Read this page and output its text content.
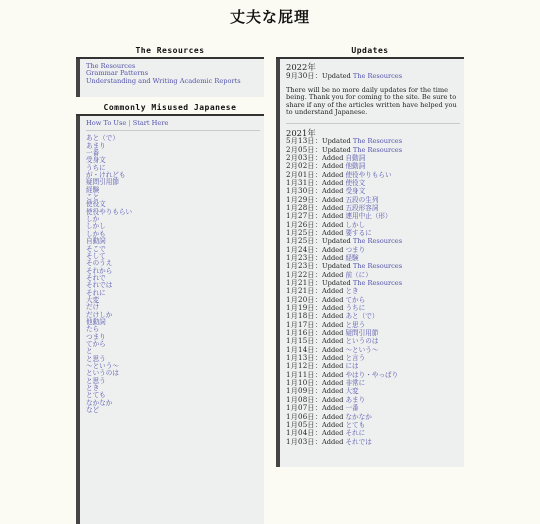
丈夫な屁理
The Resources
The Resources
Grammar Patterns
Understanding and Writing Academic Reports
Commonly Misused Japanese
How To Use | Start Here
あと（で）
あまり
一番
受身文
うちに
が・けれども
疑問引用節
経験
こと
使役文
使役やりもらい
しか
しかし
しかも
自動詞
そこで
そして
そのうえ
それから
それで
それでは
それに
大変
だけ
だけしか
他動詞
たら
つまり
てから
と
と思う
〜という〜
というのは
と思う
とき
とても
なかなか
など
Updates
2022年
9月30日：Updated The Resources
There will be no more daily updates for the time being. Thank you for coming to the site. Be sure to share if any of the articles written have helped you to understand Japanese.
2021年
5月13日：Updated The Resources
2月05日：Updated The Resources
2月03日：Added 自動詞
2月02日：Added 他動詞
2月01日：Added 使役やりもらい
1月31日：Added 使役文
1月30日：Added 受身文
1月29日：Added 五段の生列
1月28日：Added 五段形容詞
1月27日：Added 連用中止（形）
1月26日：Added しかし
1月25日：Added 要するに
1月25日：Updated The Resources
1月24日：Added つまり
1月23日：Added 経験
1月23日：Updated The Resources
1月22日：Added 前（に）
1月21日：Updated The Resources
1月21日：Added とき
1月20日：Added てから
1月19日：Added うちに
1月18日：Added あと（で）
1月17日：Added と思う
1月16日：Added 疑問引用節
1月15日：Added というのは
1月14日：Added 〜という〜
1月13日：Added と言う
1月12日：Added には
1月11日：Added やはり・やっぱり
1月10日：Added 非常に
1月09日：Added 大変
1月08日：Added あまり
1月07日：Added 一番
1月06日：Added なかなか
1月05日：Added とても
1月04日：Added それに
1月03日：Added それでは
